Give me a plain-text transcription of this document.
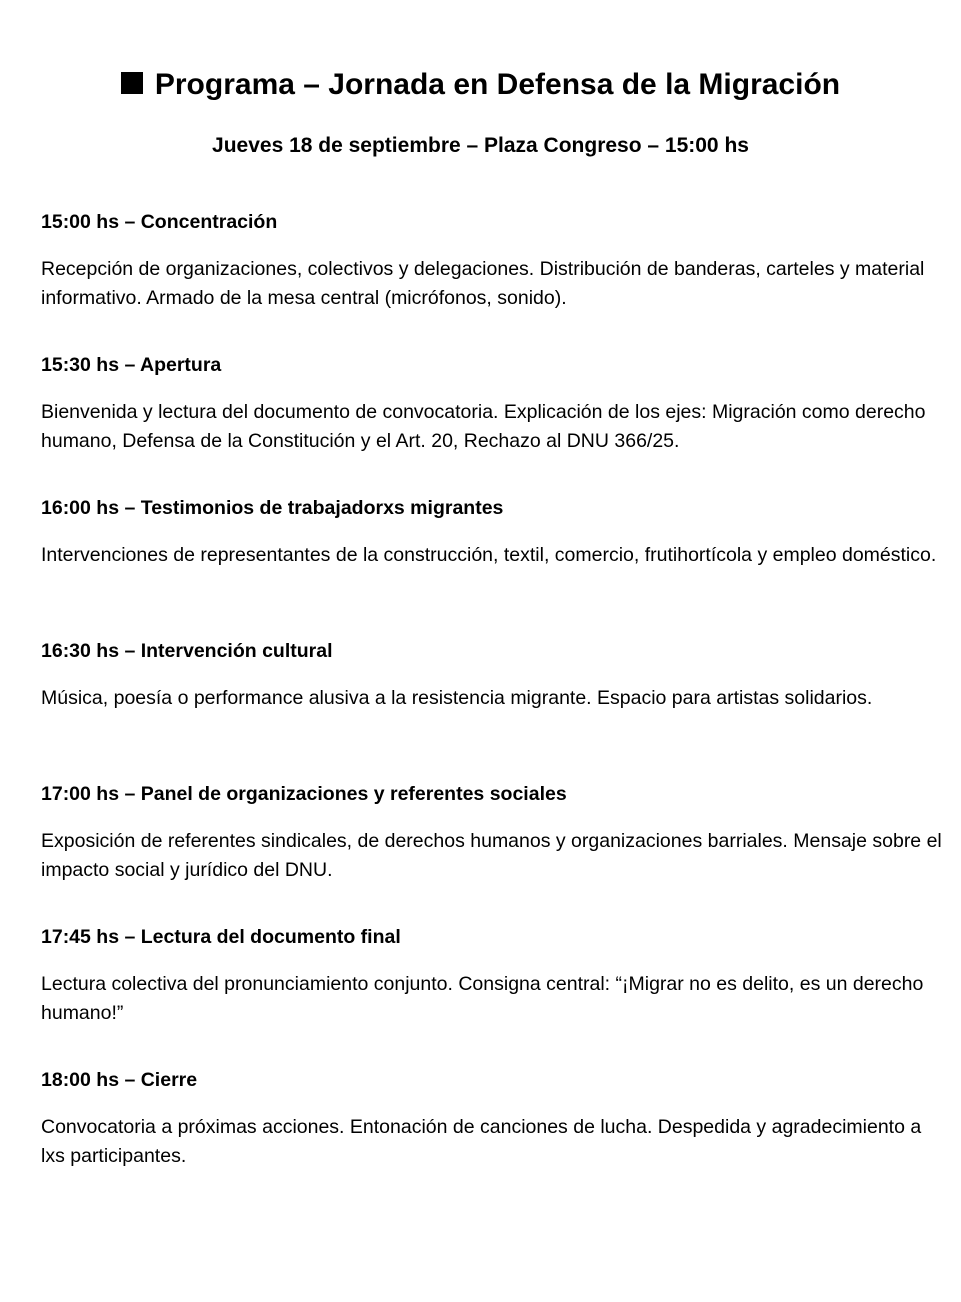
Programa – Jornada en Defensa de la Migración
Jueves 18 de septiembre – Plaza Congreso – 15:00 hs

15:00 hs – Concentración

Recepción de organizaciones, colectivos y delegaciones. Distribución de banderas, carteles y material informativo. Armado de la mesa central (micrófonos, sonido).

15:30 hs – Apertura

Bienvenida y lectura del documento de convocatoria. Explicación de los ejes: Migración como derecho humano, Defensa de la Constitución y el Art. 20, Rechazo al DNU 366/25.

16:00 hs – Testimonios de trabajadorxs migrantes

Intervenciones de representantes de la construcción, textil, comercio, frutihortícola y empleo doméstico.

16:30 hs – Intervención cultural

Música, poesía o performance alusiva a la resistencia migrante. Espacio para artistas solidarios.

17:00 hs – Panel de organizaciones y referentes sociales

Exposición de referentes sindicales, de derechos humanos y organizaciones barriales. Mensaje sobre el impacto social y jurídico del DNU.

17:45 hs – Lectura del documento final

Lectura colectiva del pronunciamiento conjunto. Consigna central: “¡Migrar no es delito, es un derecho humano!”

18:00 hs – Cierre

Convocatoria a próximas acciones. Entonación de canciones de lucha. Despedida y agradecimiento a lxs participantes.
